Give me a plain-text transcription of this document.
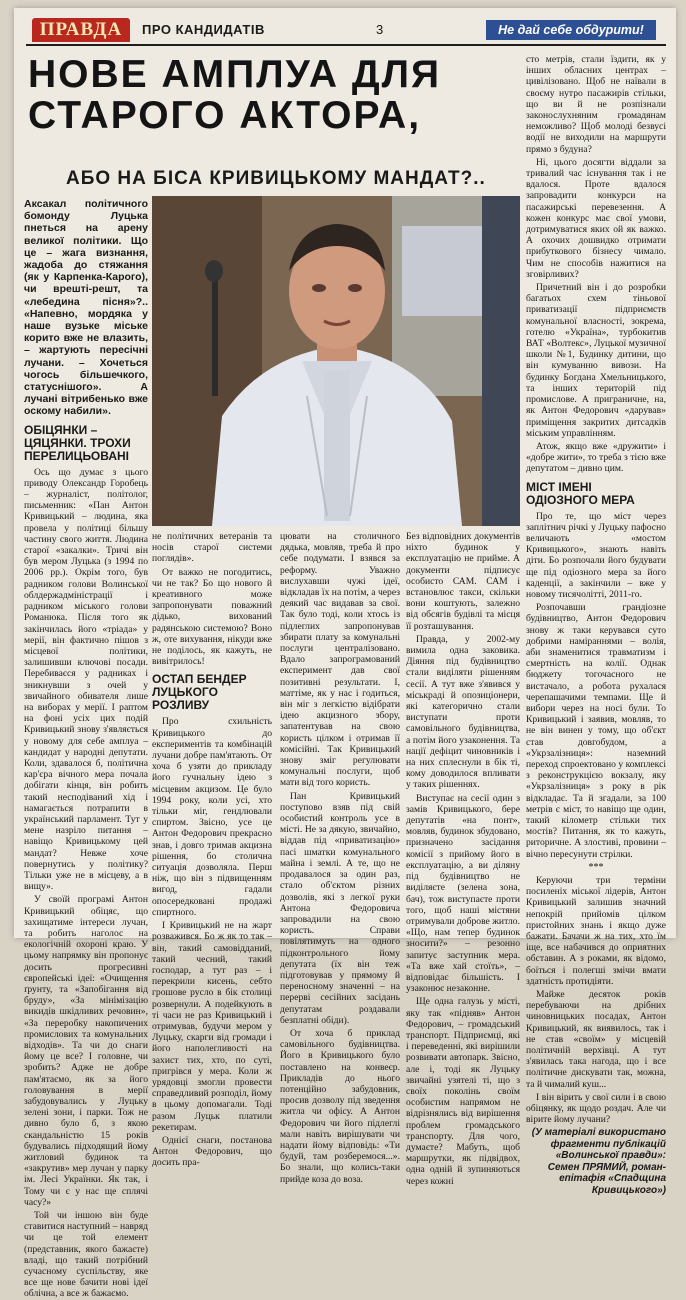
ПРАВДА	ПРО КАНДИДАТІВ	3	Не дай себе обдурити!
НОВЕ АМПЛУА ДЛЯ СТАРОГО АКТОРА,
АБО НА БІСА КРИВИЦЬКОМУ МАНДАТ?..

Аксакал політичного бомонду Луцька пнеться на арену великої політики. Що це – жага визнання, жадоба до стяжання (як у Карпенка-Карого), чи врешті-решт, та «лебедина пісня»?.. «Напевно, мордяка у наше вузьке міське корито вже не влазить, – жартують пересічні лучани. – Хочеться чогось більшечкого, статуснішого». А лучані вітрибенько вже оскому набили».

ОБІЦЯНКИ – ЦЯЦЯНКИ. ТРОХИ ПЕРЕЛИЦЬОВАНІ

Ось що думає з цього приводу Олександр Горобець – журналіст, політолог, письменник: «Пан Антон Кривицький – людина, яка провела у політиці більшу частину свого життя. Людина старої «закалки». Тричі він був мером Луцька (з 1994 по 2006 рр.). Окрім того, був радником голови Волинської облдержадміністрації і радником міського голови Романюка. Після того як закінчилась його «тріада» у мерії, він фактично пішов з місцевої політики, залишивши ключові посади. Перебиваєся у радниках і зникнувши з очей у звичайного обивателя лише на виборах у мерії. І раптом на фоні усіх цих подій Кривицький знову з'являється у новому для себе амплуа – кандидат у народні депутати. Коли, здавалося б, політична кар'єра вічного мера почала добігати кінця, він робить такий несподіваний хід і намагається потрапити в український парламент. Тут у мене назріло питання – навіщо Кривицькому цей мандат? Невже хоче повернутись у політику? Тільки уже не в місцеву, а в вищу».

У своїй програмі Антон Кривицький обіцяє, що захищатиме інтереси лучан, та робить наголос на екологічній охороні краю. У цьому напрямку він пропонує досить прогресивні європейські ідеї: «Очищення ґрунту, та «Запобігання від бруду», «За мінімізацію викидів шкідливих речовин», «За переробку накопичених промислових та комунальних відходів». Та чи до снаги йому це все? І головне, чи зробить? Адже не добре пам'ятаємо, як за його головування в мерії забудовувались у Луцьку зелені зони, і парки. Тож не дивно було б, з якою скандальністю 15 років будувались підходящий йому житловий будинок та «закрутив» мер лучан у парку ім. Лесі Українки. Як так, і Тому чи є у нас ще сплячі часу?»

Той чи іншою він буде ставитися наступний – навряд чи це той елемент (представник, якого бажаєте) владі, що такий потрібний сучасному суспільству, яке все ще нове бачити нові ідеї облічна, а все ж бажаємо.

не політичних ветеранів та носів старої системи поглядів».

От важко не погодитись, чи не так? Бо що нового й креативного може запропонувати поважний дідько, вихований радянською системою? Воно ж, оте вихування, нікуди вже не поділось, як кажуть, не вивітрилось!

ОСТАП БЕНДЕР ЛУЦЬКОГО РОЗЛИВУ

Про схильність Кривицького до експериментів та комбінацій лучани добре пам'ятають. От хоча б узяти до прикладу його гучнальну ідею з місцевим акцизом. Це було 1994 року, коли усі, хто тільки міг, гендлювали спиртом. Звісно, усе це Антон Федорович прекрасно знав, і довго тримав акцизна рішення, бо столична ситуація дозволяла. Перш ніж, що він з підвищенням вигод, гадали опосередковані продажі спиртного.

І Кривицький не на жарт розважився. Бо ж як то так – він, такий самовідданий, такий чесний, такий господар, а тут раз – і перекрили кисень, себто грошове русло в бік столиці розвернули. А подейкують в ті часи не раз Кривицький і отримував, будучи мером у Луцьку, скарги від громади і його наполегливості на захист тих, хто, по суті, пригрівся у мера. Коли ж урядовці змогли провести справедливий розподіл, йому в цьому допомагали. Тоді разом Луцьк платили рекетирам.

Однієї снаги, постанова Антон Федорович, що досить пра-

цювати на столичного дядька, мовляв, треба й про себе подумати. І взявся за реформу. Уважно вислухавши чужі ідеї, відкладав їх на потім, а через деякий час видавав за свої. Так було тоді, коли хтось із підлеглих запропонував збирати плату за комунальні послуги централізовано. Вдало запрограмований експеримент дав свої позитивні результати. І, маттіме, як у нас і годиться, він міг з легкістю відібрати ідею акцизного збору, запатентував на свою користь цілком і отримав її комісійні. Так Кривицький знову зміг регулювати комунальні послуги, щоб мати від того користь.

Пан Кривицький поступово взяв під свій особистий контроль усе в місті. Не за дякую, звичайно, віддав під «приватизацію» пасі шматки комунального майна і землі. А те, що не продавалося за один раз, стало об'єктом різних дозволів, які з легкої руки Антона Федоровича запровадили на свою користь. Справи повілятимуть на одного підконтрольного йому депутата (їх він теж підготовував у прямому й переносному значенні – на перерві сесійних засідань депутатам роздавали безплатні обіди).

От хоча б приклад самовільного будівництва. Його в Кривицького було поставлено на конвеєр. Прикладів до нього потенційно забудовник, просив дозволу під зведення житла чи офісу. А Антон Федорович чи його підлеглі мали навіть вирішувати чи надати йому відповідь: «Ти будуй, там розберемося...». Бо знали, що колись-таки прийде коза до воза.

Без відповідних документів ніхто будинок у експлуатацію не прийме. А документи підписує особисто САМ. САМ і встановлює такси, скільки вони коштують, залежно від обсягів будівлі та місця її розташування.

Правда, у 2002-му вимила одна заковика. Діяння під будівництво стали виділяти рішенням сесії. А тут вже з'явився у міськраді й опозиціонери, які категорично стали виступати проти самовільного будівництва, а потім його узаконення. Та нації дефіцит чиновників і на них сплеснули в бік ті, кому доводилося впливати у таких рішеннях.

Виступає на сесії один з замів Кривицького, бере депутатів «на понт», мовляв, будинок збудовано, призначено засідання комісії з прийому його в експлуатацію, а ви діляну під будівництво не виділяєте (зелена зона, бач), тож виступаєте проти того, щоб наші містяни отримували доброве житло. «Що, нам тепер будинок зносити?» – резонно запитує заступник мера. «Та вже хай стоїть», – відповідає більшість. І узаконює незаконне.

Ще одна галузь у місті, яку так «підняв» Антон Федорович, – громадський транспорт. Підприємці, які і переведенні, які вирішили розвивати автопарк. Звісно, але і, тоді як Луцьку звичайні узятелі ті, що з своїх поколінь своїм особистим напрямом не відрізнялись від вирішення проблем громадського транспорту. Для чого, думаєте? Мабуть, щоб маршрутки, як підвідвох, одна одній й зупиняються через кожні

сто метрів, стали їздити, як у інших обласних центрах – цивілізовано. Щоб не наївали в своєму нутро пасажирів стільки, що ви й не розпізнали законослухняним громадянам неможливо? Щоб молоді безвусі водії не виходили на маршрути прямо з будуна?

Ні, цього досягти віддали за тривалий час існування так і не вдалося. Проте вдалося запровадити конкурси на пасажирські перевезення. А кожен конкурс має свої умови, дотримуватися яких ой як важко. А охочих дошвидко отримати прибуткового бізнесу чимало. Чим не способів нажитися на зговірливих?

Причетний він і до розробки багатьох схем тіньової приватизації підприємств комунальної власності, зокрема, готелю «Україна», турбокитив ВАТ «Волтекс», Луцької музичної школи №1, Будинку дитини, що він кумуванню вивози. На будинку Богдана Хмельницького, та інших територій під промислове. А приграничне, на, як Антон Федорович «дарував» приміщення закритих дитсадків міським управлінням.

Атож, якщо вже «дружити» і «добре жити», то треба з тією вже депутатом – дивно цим.

МІСТ ІМЕНІ ОДIОЗНОГО МЕРА

Про те, що міст через заплітнич річкі у Луцьку пафосно величають «мостом Кривицького», знають навіть діти. Бо розпочали його будувати ще під одіозного мера за його каденції, а закінчили – вже у новому тисячолітті, 2011-го.

Розпочавши грандіозне будівництво, Антон Федорович знову ж таки керувався суто добрими наміраннями – волія, аби знаменитися травматизм і смертність на колії. Однак бюджету тогочасного не вистачало, а робота рухалася черепашачими темпами. Ще й вибори через на носі були. То Кривицький і заявив, мовляв, то не він винен у тому, що об'єкт став довгобудом, а «Укрзалізниця»: наземний переход спроектовано у комплексі з реконструкцією вокзалу, яку «Укрзалізниця» з року в рік відкладає. Та й згадали, за 100 метрів є міст, то навіщо ще один, такий кілометр стільки тих мостів? Питання, як то кажуть, риторичне. А злостиві, провини – вічно пересунути стрілки.

***

Керуючи три терміни посиленіх міської лідерів, Антон Кривицький залишив значний непокрій прийомів цілком пристойних знань і якщо дуже бажати. Бачачи ж на тих, хто їм іще, все набачився до оприятних обставин. А з роками, як відомо, боїться і полегші змічи вмати здатність протидіяти.

Майже десяток років перебуваючи на дрібних чиновницьких посадах, Антон Кривицький, як виявилось, так і не став «своїм» у місцевій політичній верхівці. А тут з'явилась така нагода, що і все політичне дискувати так, можна, та й чималий куш...

І він вірить у свої сили і в свою обіцянку, як щодо роздач. Але чи вірите йому лучани?

(У матеріалі використано фрагменти публікацій «Волинської правди»: Семен ПРЯМИЙ, роман-епітафія «Спадщина Кривицького»)
